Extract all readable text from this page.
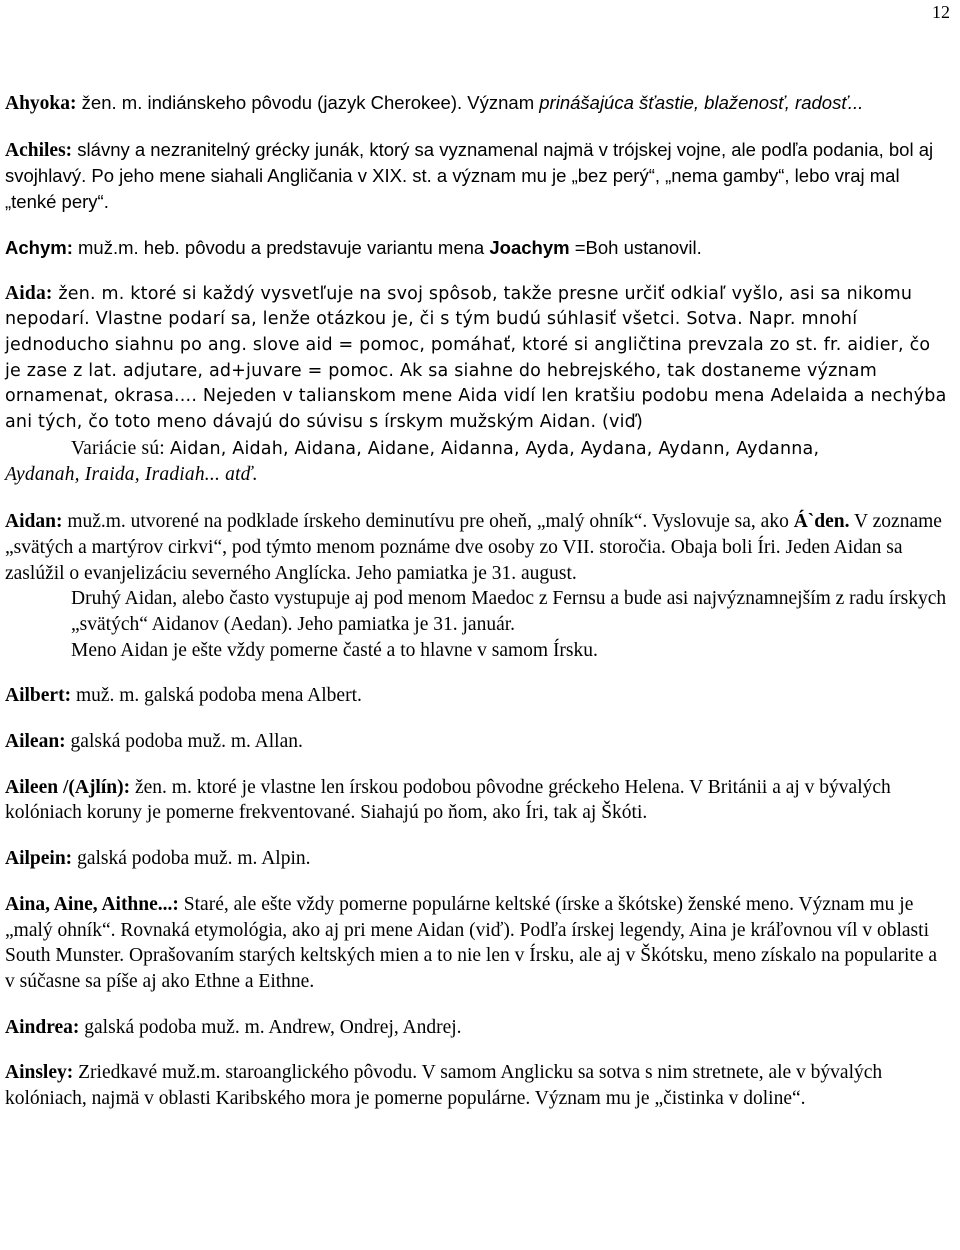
12
Ahyoka: žen. m. indiánskeho pôvodu (jazyk Cherokee). Význam prinášajúca šťastie, blaženosť, radosť...
Achiles: slávny a nezranitelný grécky junák, ktorý sa vyznamenal najmä v trójskej vojne, ale podľa podania, bol aj svojhlavý. Po jeho mene siahali Angličania v XIX. st. a význam mu je „bez perý“, „nema gamby“, lebo vraj mal „tenké pery“.
Achym: muž.m. heb. pôvodu a predstavuje variantu mena Joachym =Boh ustanovil.

Aida: žen. m. ktoré si každý vysvetľuje na svoj spôsob, takže presne určiť odkiaľ vyšlo, asi sa nikomu nepodarí. Vlastne podarí sa, lenže otázkou je, či s tým budú súhlasiť všetci. Sotva. Napr. mnohí jednoducho siahnu po ang. slove aid = pomoc, pomáhať, ktoré si angličtina prevzala zo st. fr. aidier, čo je zase z lat. adjutare, ad+juvare = pomoc. Ak sa siahne do hebrejského, tak dostaneme význam ornamenat, okrasa.... Nejeden v talianskom mene Aida vidí len kratšiu podobu mena Adelaida a nechýba ani tých, čo toto meno dávajú do súvisu s írskym mužským Aidan. (viď)

Variácie sú: Aidan, Aidah, Aidana, Aidane, Aidanna, Ayda, Aydana, Aydann, Aydanna,

Aydanah, Iraida, Iradiah... atď.

Aidan: muž.m. utvorené na podklade írskeho deminutívu pre oheň, „malý ohník“. Vyslovuje sa, ako Á`den. V zozname „svätých a martýrov cirkvi“, pod týmto menom poznáme dve osoby zo VII. storočia. Obaja boli Íri. Jeden Aidan sa zaslúžil o evanjelizáciu severného Anglícka. Jeho pamiatka je 31. august.

Druhý Aidan, alebo často vystupuje aj pod menom Maedoc z Fernsu a bude asi najvýznamnejším z radu írskych „svätých“ Aidanov (Aedan). Jeho pamiatka je 31. január.

Meno Aidan je ešte vždy pomerne časté a to hlavne v samom Írsku.

Ailbert: muž. m. galská podoba mena Albert.
Ailean: galská podoba muž. m. Allan.
Aileen /(Ajlín): žen. m. ktoré je vlastne len írskou podobou pôvodne gréckeho Helena. V Británii a aj v bývalých kolóniach koruny je pomerne frekventované. Siahajú po ňom, ako Íri, tak aj Škóti.
Ailpein: galská podoba muž. m. Alpin.
Aina, Aine, Aithne...: Staré, ale ešte vždy pomerne populárne keltské (írske a škótske) ženské meno. Význam mu je „malý ohník“. Rovnaká etymológia, ako aj pri mene Aidan (viď). Podľa írskej legendy, Aina je kráľovnou víl v oblasti South Munster. Oprašovaním starých keltských mien a to nie len v Írsku, ale aj v Škótsku, meno získalo na popularite a v súčasne sa píše aj ako Ethne a Eithne.
Aindrea: galská podoba muž. m. Andrew, Ondrej, Andrej.
Ainsley: Zriedkavé muž.m. staroanglického pôvodu. V samom Anglicku sa sotva s nim stretnete, ale v bývalých kolóniach, najmä v oblasti Karibského mora je pomerne populárne. Význam mu je „čistinka v doline“.
